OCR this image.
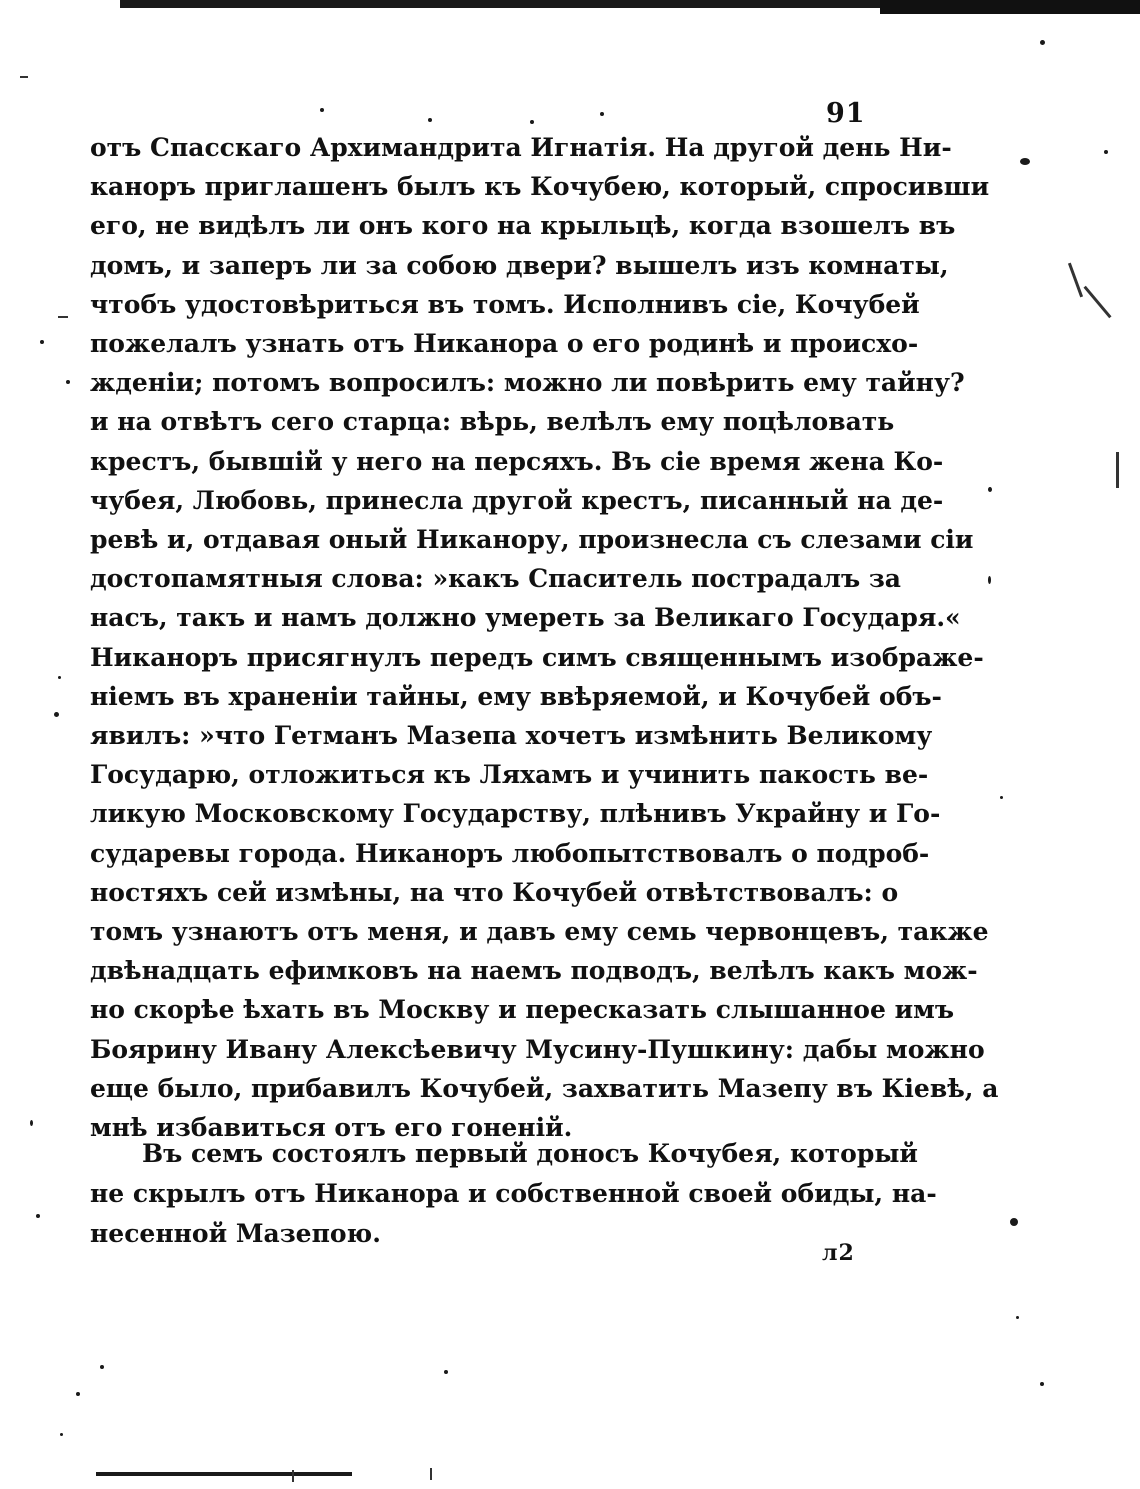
91
отъ Спасскаго Архимандрита Игнатія. На другой день Ни-
каноръ приглашенъ былъ къ Кочубею, который, спросивши
его, не видѣлъ ли онъ кого на крыльцѣ, когда взошелъ въ
домъ, и заперъ ли за собою двери? вышелъ изъ комнаты,
чтобъ удостовѣриться въ томъ. Исполнивъ сіе, Кочубей
пожелалъ узнать отъ Никанора о его родинѣ и происхо-
жденіи; потомъ вопросилъ: можно ли повѣрить ему тайну?
и на отвѣтъ сего старца: вѣрь, велѣлъ ему поцѣловать
крестъ, бывшій у него на персяхъ. Въ сіе время жена Ко-
чубея, Любовь, принесла другой крестъ, писанный на де-
ревѣ и, отдавая оный Никанору, произнесла съ слезами сіи
достопамятныя слова: »какъ Спаситель пострадалъ за
насъ, такъ и намъ должно умереть за Великаго Государя.«
Никаноръ присягнулъ передъ симъ священнымъ изображе-
ніемъ въ храненіи тайны, ему ввѣряемой, и Кочубей объ-
явилъ: »что Гетманъ Мазепа хочетъ измѣнить Великому
Государю, отложиться къ Ляхамъ и учинить пакость ве-
ликую Московскому Государству, плѣнивъ Украйну и Го-
сударевы города. Никаноръ любопытствовалъ о подроб-
ностяхъ сей измѣны, на что Кочубей отвѣтствовалъ: о
томъ узнаютъ отъ меня, и давъ ему семь червонцевъ, также
двѣнадцать ефимковъ на наемъ подводъ, велѣлъ какъ мож-
но скорѣе ѣхать въ Москву и пересказать слышанное имъ
Боярину Ивану Алексѣевичу Мусину-Пушкину: дабы можно
еще было, прибавилъ Кочубей, захватить Мазепу въ Кіевѣ, а
мнѣ избавиться отъ его гоненій.
Въ семъ состоялъ первый доносъ Кочубея, который
не скрылъ отъ Никанора и собственной своей обиды, на-
несенной Мазепою.
л2
